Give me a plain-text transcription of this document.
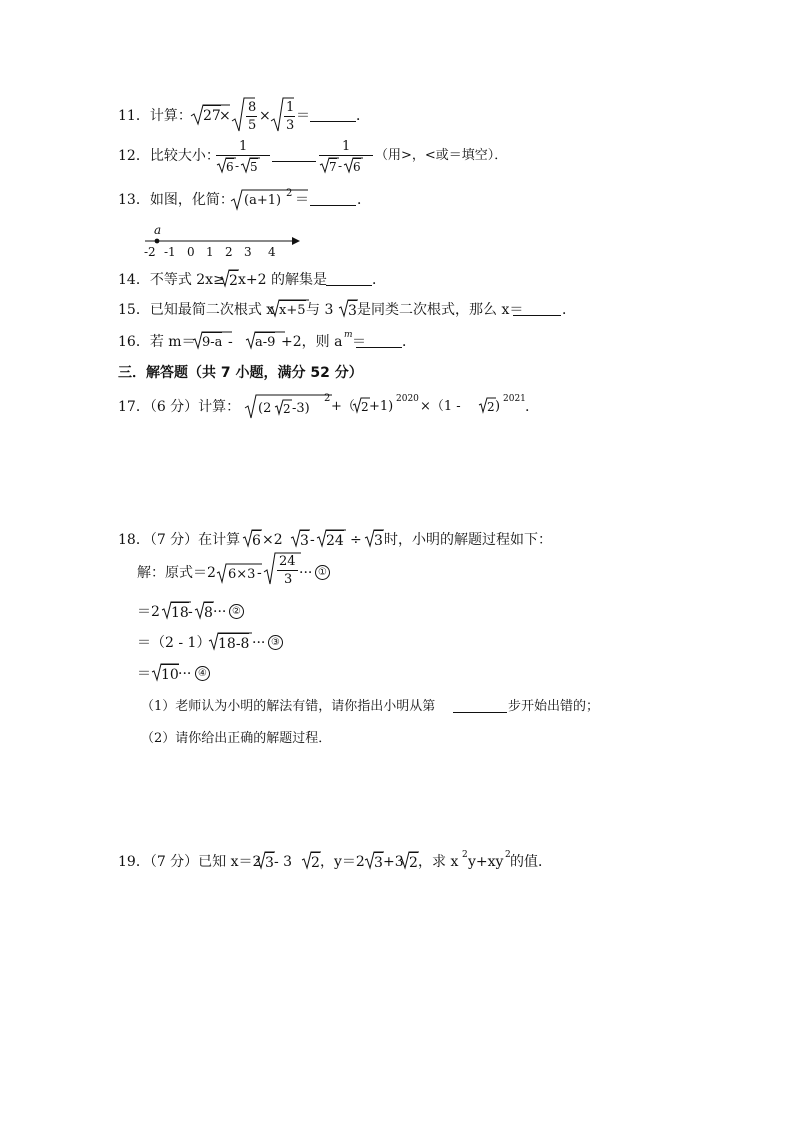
11．计算： 27
×
8
5
×
1
3
＝	．
12．比较大小：
1
6 - 5
1
7 - 6
（用>，<或＝填空）．
13．如图，化简： (a+1) 2 ＝	．
a
-2 -1 0 1 2 3 4
14．不等式 2x≥ 2 x+2 的解集是	．
15．已知最简二次根式 x x+5 与 3 3 是同类二次根式，那么 x＝	．
16．若 m＝ 9-a - a-9 +2，则 a m ＝	．
三．解答题（共 7 小题，满分 52 分）
17．（6 分）计算： (2 2 -3)
2
+（ 2 +1) 2020 ×（1 - 2 ) 2021 .
18．（7 分）在计算 6 ×2 3 - 24 ÷ 3 时，小明的解题过程如下：
解：原式＝2 6×3 -
24
3 ··· ①
＝2 18 - 8 ··· ②
＝（2 - 1） 18-8 ··· ③
＝ 10 ··· ④
（1）老师认为小明的解法有错，请你指出小明从第	步开始出错的；
（2）请你给出正确的解题过程．
19．（7 分）已知 x＝2 3 - 3 2 ，y＝2 3 +3 2 ，求 x 2 y+xy 2 的值．
